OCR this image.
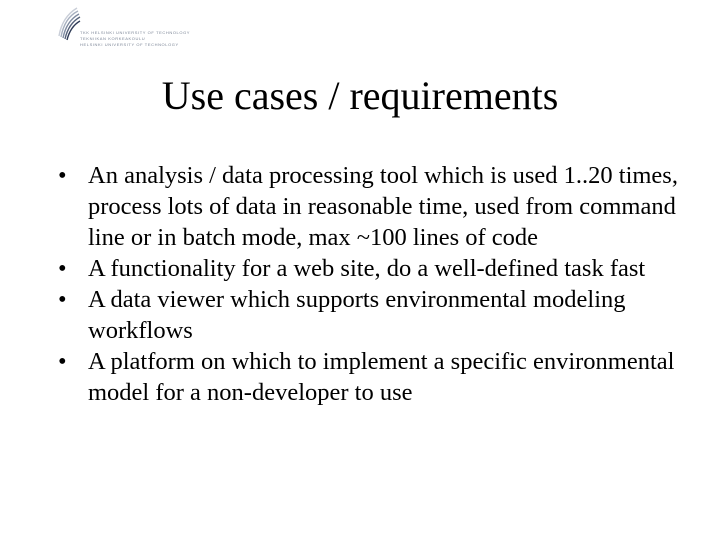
TKK HELSINKI UNIVERSITY OF TECHNOLOGY
TEKNIIKAN KORKEAKOULU
HELSINKI UNIVERSITY OF TECHNOLOGY
Use cases / requirements
• An analysis / data processing tool which is used 1..20 times, process lots of data in reasonable time, used from command line or in batch mode, max ~100 lines of code
• A functionality for a web site, do a well-defined task fast
• A data viewer which supports environmental modeling workflows
• A platform on which to implement a specific environmental model for a non-developer to use
